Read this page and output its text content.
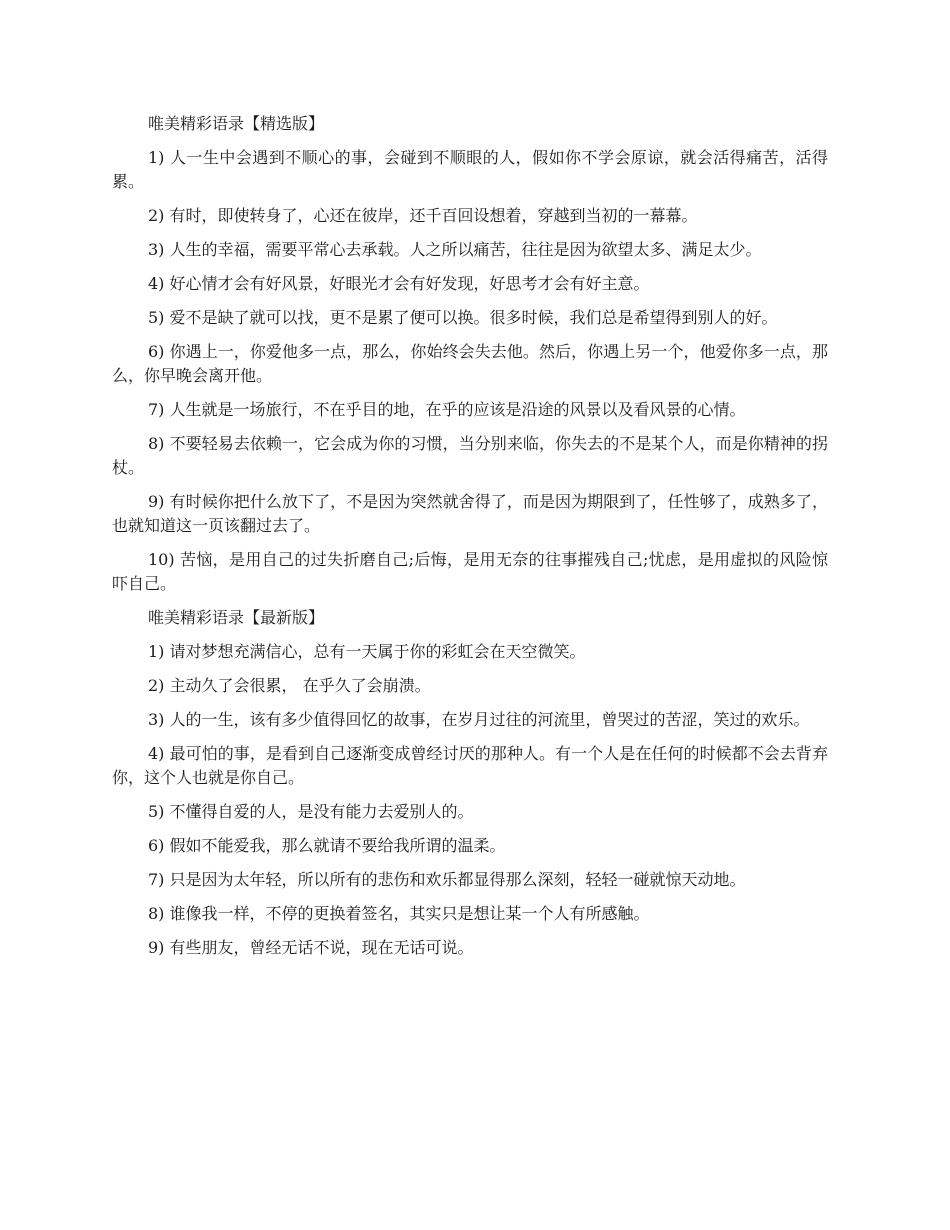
唯美精彩语录【精选版】

1) 人一生中会遇到不顺心的事，会碰到不顺眼的人，假如你不学会原谅，就会活得痛苦，活得累。

2) 有时，即使转身了，心还在彼岸，还千百回设想着，穿越到当初的一幕幕。

3) 人生的幸福，需要平常心去承载。人之所以痛苦，往往是因为欲望太多、满足太少。

4) 好心情才会有好风景，好眼光才会有好发现，好思考才会有好主意。

5) 爱不是缺了就可以找，更不是累了便可以换。很多时候，我们总是希望得到别人的好。

6) 你遇上一，你爱他多一点，那么，你始终会失去他。然后，你遇上另一个，他爱你多一点，那么，你早晚会离开他。

7) 人生就是一场旅行，不在乎目的地，在乎的应该是沿途的风景以及看风景的心情。

8) 不要轻易去依赖一，它会成为你的习惯，当分别来临，你失去的不是某个人，而是你精神的拐杖。

9) 有时候你把什么放下了，不是因为突然就舍得了，而是因为期限到了，任性够了，成熟多了， 也就知道这一页该翻过去了。

10) 苦恼，是用自己的过失折磨自己;后悔，是用无奈的往事摧残自己;忧虑，是用虚拟的风险惊吓自己。

唯美精彩语录【最新版】

1) 请对梦想充满信心，总有一天属于你的彩虹会在天空微笑。

2) 主动久了会很累， 在乎久了会崩溃。

3) 人的一生，该有多少值得回忆的故事，在岁月过往的河流里，曾哭过的苦涩，笑过的欢乐。

4) 最可怕的事，是看到自己逐渐变成曾经讨厌的那种人。有一个人是在任何的时候都不会去背弃你，这个人也就是你自己。

5) 不懂得自爱的人，是没有能力去爱别人的。

6) 假如不能爱我，那么就请不要给我所谓的温柔。

7) 只是因为太年轻，所以所有的悲伤和欢乐都显得那么深刻，轻轻一碰就惊天动地。

8) 谁像我一样，不停的更换着签名，其实只是想让某一个人有所感触。

9) 有些朋友，曾经无话不说，现在无话可说。
